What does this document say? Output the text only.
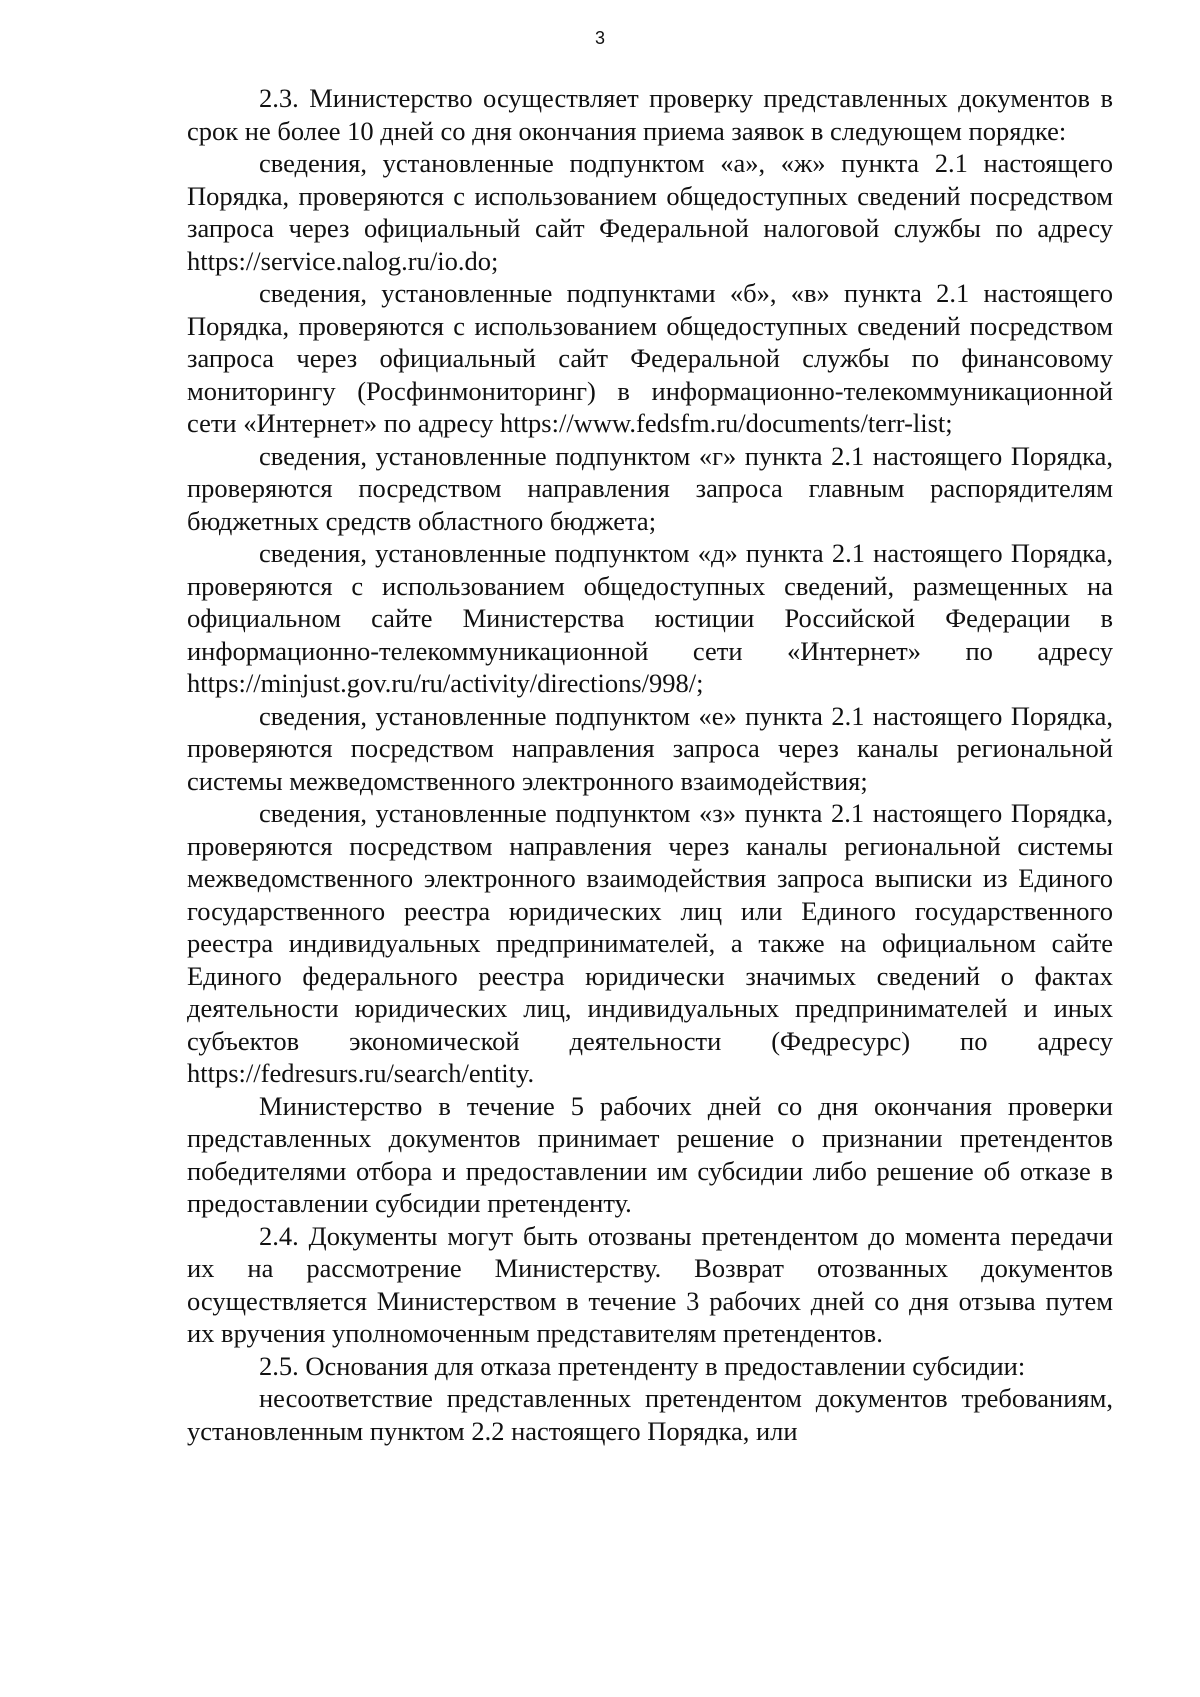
3

2.3. Министерство осуществляет проверку представленных документов в срок не более 10 дней со дня окончания приема заявок в следующем порядке:

сведения, установленные подпунктом «а», «ж» пункта 2.1 настоящего Порядка, проверяются с использованием общедоступных сведений посредством запроса через официальный сайт Федеральной налоговой службы по адресу https://service.nalog.ru/io.do;

сведения, установленные подпунктами «б», «в» пункта 2.1 настоящего Порядка, проверяются с использованием общедоступных сведений посредством запроса через официальный сайт Федеральной службы по финансовому мониторингу (Росфинмониторинг) в информационно-телекоммуникационной сети «Интернет» по адресу https://www.fedsfm.ru/documents/terr-list;

сведения, установленные подпунктом «г» пункта 2.1 настоящего Порядка, проверяются посредством направления запроса главным распорядителям бюджетных средств областного бюджета;

сведения, установленные подпунктом «д» пункта 2.1 настоящего Порядка, проверяются с использованием общедоступных сведений, размещенных на официальном сайте Министерства юстиции Российской Федерации в информационно-телекоммуникационной сети «Интернет» по адресу https://minjust.gov.ru/ru/activity/directions/998/;

сведения, установленные подпунктом «е» пункта 2.1 настоящего Порядка, проверяются посредством направления запроса через каналы региональной системы межведомственного электронного взаимодействия;

сведения, установленные подпунктом «з» пункта 2.1 настоящего Порядка, проверяются посредством направления через каналы региональной системы межведомственного электронного взаимодействия запроса выписки из Единого государственного реестра юридических лиц или Единого государственного реестра индивидуальных предпринимателей, а также на официальном сайте Единого федерального реестра юридически значимых сведений о фактах деятельности юридических лиц, индивидуальных предпринимателей и иных субъектов экономической деятельности (Федресурс) по адресу https://fedresurs.ru/search/entity.

Министерство в течение 5 рабочих дней со дня окончания проверки представленных документов принимает решение о признании претендентов победителями отбора и предоставлении им субсидии либо решение об отказе в предоставлении субсидии претенденту.

2.4. Документы могут быть отозваны претендентом до момента передачи их на рассмотрение Министерству. Возврат отозванных документов осуществляется Министерством в течение 3 рабочих дней со дня отзыва путем их вручения уполномоченным представителям претендентов.

2.5. Основания для отказа претенденту в предоставлении субсидии:

несоответствие представленных претендентом документов требованиям, установленным пунктом 2.2 настоящего Порядка, или
